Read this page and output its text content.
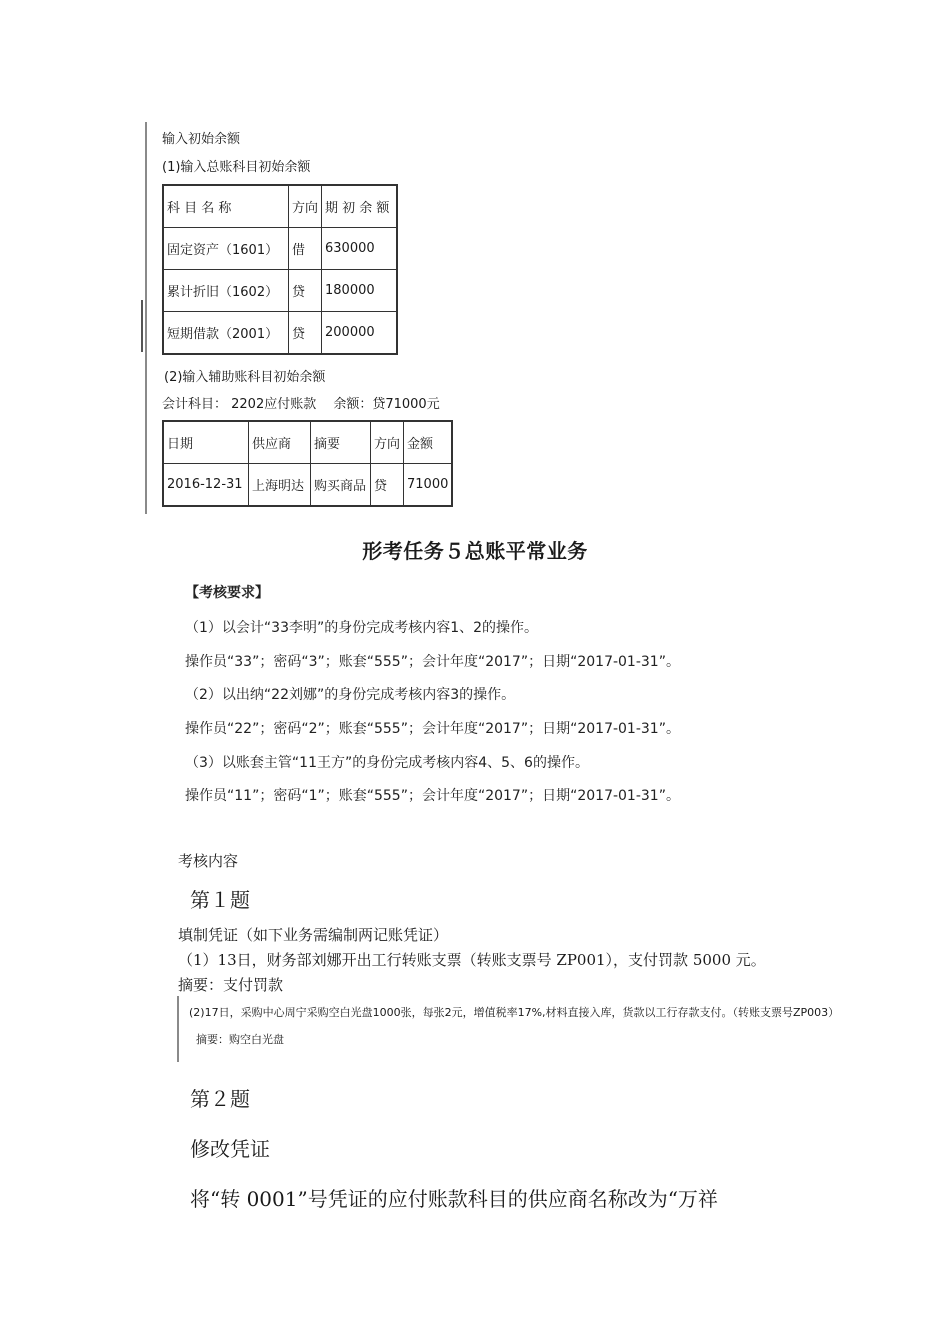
输入初始余额
(1)输入总账科目初始余额
科 目 名 称	方向	期 初 余 额
固定资产（1601）	借	630000
累计折旧（1602）	贷	180000
短期借款（2001）	贷	200000
(2)输入辅助账科目初始余额
会计科目： 2202应付账款　 余额：贷71000元
日期	供应商	摘要	方向	金额
2016-12-31	上海明达	购买商品	贷	71000
形考任务５总账平常业务
【考核要求】
（1）以会计“33李明”的身份完成考核内容1、2的操作。
操作员“33”；密码“3”；账套“555”；会计年度“2017”；日期“2017-01-31”。
（2）以出纳“22刘娜”的身份完成考核内容3的操作。
操作员“22”；密码“2”；账套“555”；会计年度“2017”；日期“2017-01-31”。
（3）以账套主管“11王方”的身份完成考核内容4、5、6的操作。
操作员“11”；密码“1”；账套“555”；会计年度“2017”；日期“2017-01-31”。
考核内容
第１题
填制凭证（如下业务需编制两记账凭证）
（1）13日，财务部刘娜开出工行转账支票（转账支票号 ZP001），支付罚款 5000 元。
摘要：支付罚款
(2)17日，采购中心周宁采购空白光盘1000张，每张2元，增值税率17%,材料直接入库，货款以工行存款支付。（转账支票号ZP003）
摘要：购空白光盘
第２题
修改凭证
将“转 0001”号凭证的应付账款科目的供应商名称改为“万祥
